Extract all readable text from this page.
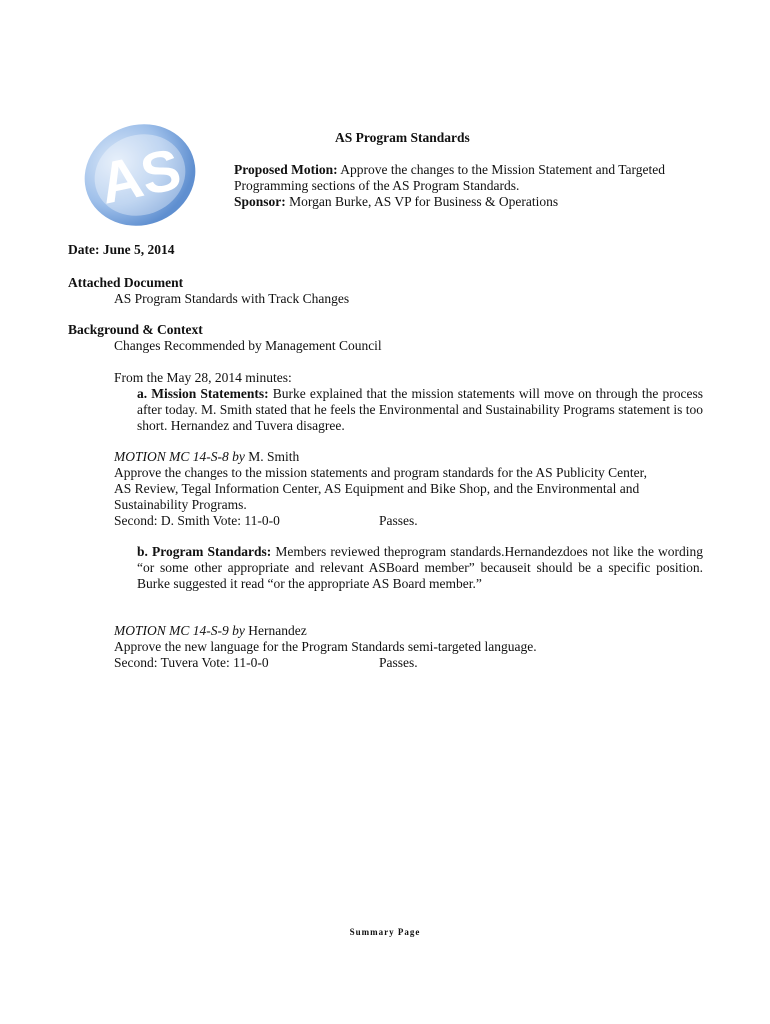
AS	AS Program Standards
Proposed Motion: Approve the changes to the Mission Statement and Targeted Programming sections of the AS Program Standards.
Sponsor: Morgan Burke, AS VP for Business & Operations
Date: June 5, 2014
Attached Document
AS Program Standards with Track Changes
Background & Context
Changes Recommended by Management Council
From the May 28, 2014 minutes:
a. Mission Statements: Burke explained that the mission statements will move on through the process after today. M. Smith stated that he feels the Environmental and Sustainability Programs statement is too short. Hernandez and Tuvera disagree.
MOTION MC 14-S-8 by M. Smith
Approve the changes to the mission statements and program standards for the AS Publicity Center, AS Review, Tegal Information Center, AS Equipment and Bike Shop, and the Environmental and Sustainability Programs.
Second: D. Smith Vote: 11-0-0	Passes.
b. Program Standards: Members reviewed theprogram standards.Hernandezdoes not like the wording “or some other appropriate and relevant ASBoard member” becauseit should be a specific position. Burke suggested it read “or the appropriate AS Board member.”
MOTION MC 14-S-9 by Hernandez
Approve the new language for the Program Standards semi-targeted language.
Second: Tuvera Vote: 11-0-0	Passes.
Summary Page
